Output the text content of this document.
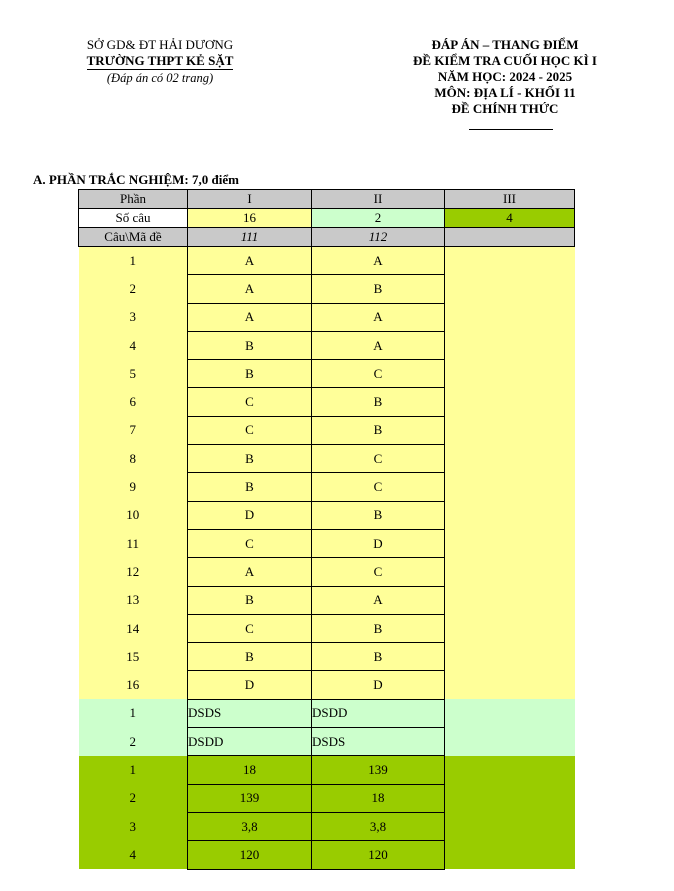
SỞ GD& ĐT HẢI DƯƠNG
TRƯỜNG THPT KẺ SẶT
(Đáp án có 02 trang)
ĐÁP ÁN – THANG ĐIỂM
ĐỀ KIỂM TRA CUỐI HỌC KÌ I
NĂM HỌC: 2024 - 2025
MÔN: ĐỊA LÍ - KHỐI 11
ĐỀ CHÍNH THỨC
A. PHẦN TRẮC NGHIỆM: 7,0 điểm
Phần	I	II	III
Số câu	16	2	4
Câu\Mã đề	111	112	
1	A	A	
2	A	B	
3	A	A	
4	B	A	
5	B	C	
6	C	B	
7	C	B	
8	B	C	
9	B	C	
10	D	B	
11	C	D	
12	A	C	
13	B	A	
14	C	B	
15	B	B	
16	D	D	
1	DSDS	DSDD	
2	DSDD	DSDS	
1	18	139	
2	139	18	
3	3,8	3,8	
4	120	120	
